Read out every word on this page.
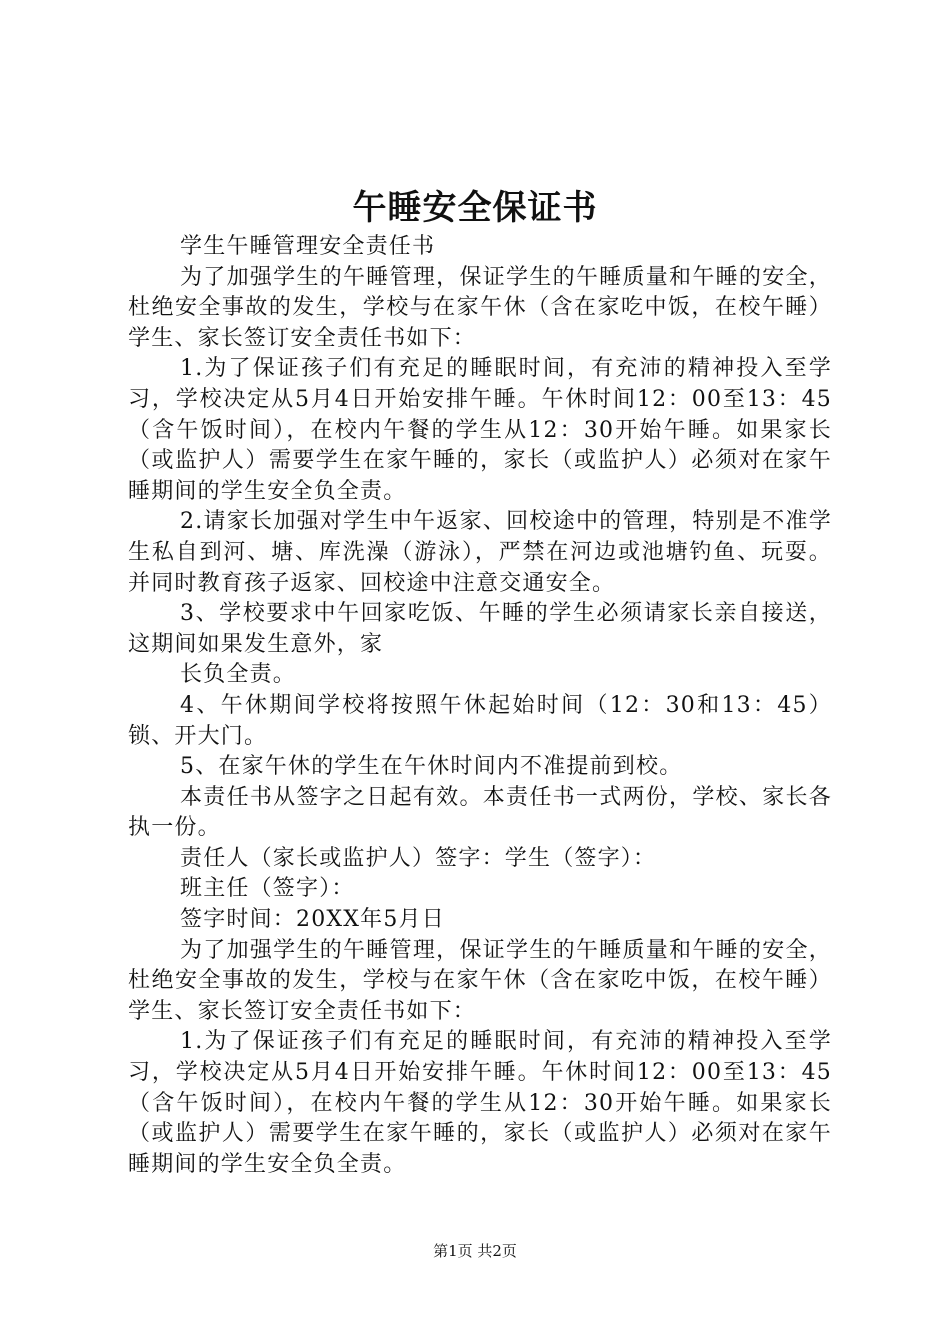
午睡安全保证书

学生午睡管理安全责任书

为了加强学生的午睡管理，保证学生的午睡质量和午睡的安全，杜绝安全事故的发生，学校与在家午休（含在家吃中饭，在校午睡）学生、家长签订安全责任书如下：

1.为了保证孩子们有充足的睡眠时间，有充沛的精神投入至学习，学校决定从5月4日开始安排午睡。午休时间12：00至13：45（含午饭时间），在校内午餐的学生从12：30开始午睡。如果家长（或监护人）需要学生在家午睡的，家长（或监护人）必须对在家午睡期间的学生安全负全责。

2.请家长加强对学生中午返家、回校途中的管理，特别是不准学生私自到河、塘、库洗澡（游泳），严禁在河边或池塘钓鱼、玩耍。并同时教育孩子返家、回校途中注意交通安全。

3、学校要求中午回家吃饭、午睡的学生必须请家长亲自接送，这期间如果发生意外，家

长负全责。

4、午休期间学校将按照午休起始时间（12：30和13：45）锁、开大门。

5、在家午休的学生在午休时间内不准提前到校。

本责任书从签字之日起有效。本责任书一式两份，学校、家长各执一份。

责任人（家长或监护人）签字：学生（签字）：

班主任（签字）：

签字时间：20XX年5月日

为了加强学生的午睡管理，保证学生的午睡质量和午睡的安全，杜绝安全事故的发生，学校与在家午休（含在家吃中饭，在校午睡）学生、家长签订安全责任书如下：

1.为了保证孩子们有充足的睡眠时间，有充沛的精神投入至学习，学校决定从5月4日开始安排午睡。午休时间12：00至13：45（含午饭时间），在校内午餐的学生从12：30开始午睡。如果家长（或监护人）需要学生在家午睡的，家长（或监护人）必须对在家午睡期间的学生安全负全责。

第1页 共2页
